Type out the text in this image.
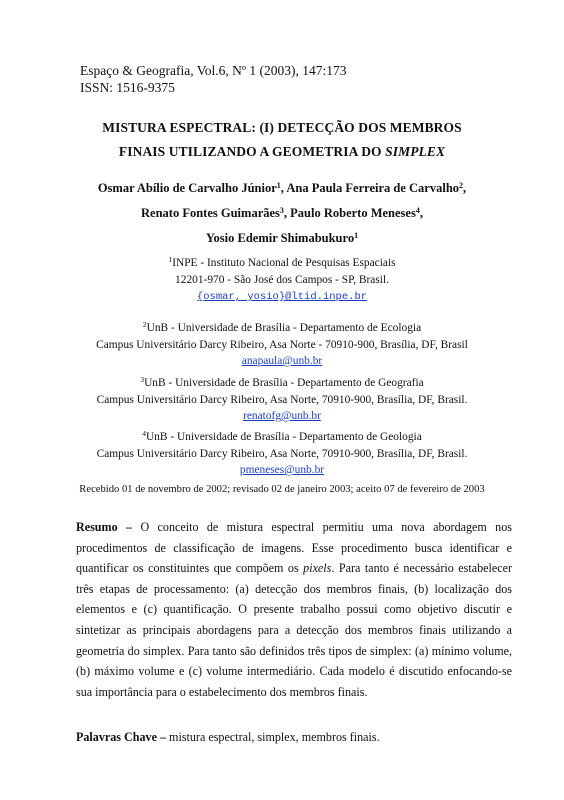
Espaço & Geografia, Vol.6, Nº 1 (2003), 147:173
ISSN: 1516-9375
MISTURA ESPECTRAL: (I) DETECÇÃO DOS MEMBROS
FINAIS UTILIZANDO A GEOMETRIA DO SIMPLEX
Osmar Abílio de Carvalho Júnior$^1$, Ana Paula Ferreira de Carvalho$^2$,
Renato Fontes Guimarães$^3$, Paulo Roberto Meneses$^4$,
Yosio Edemir Shimabukuro$^1$
$^1$INPE - Instituto Nacional de Pesquisas Espaciais
12201-970 - São José dos Campos - SP, Brasil.
{osmar, yosio}@ltid.inpe.br
$^2$UnB - Universidade de Brasília - Departamento de Ecologia
Campus Universitário Darcy Ribeiro, Asa Norte - 70910-900, Brasília, DF, Brasil
anapaula@unb.br
$^3$UnB - Universidade de Brasília - Departamento de Geografia
Campus Universitário Darcy Ribeiro, Asa Norte, 70910-900, Brasília, DF, Brasil.
renatofg@unb.br
$^4$UnB - Universidade de Brasília - Departamento de Geologia
Campus Universitário Darcy Ribeiro, Asa Norte, 70910-900, Brasília, DF, Brasil.
pmeneses@unb.br
Recebido 01 de novembro de 2002; revisado 02 de janeiro 2003; aceito 07 de fevereiro de 2003
Resumo – O conceito de mistura espectral permitiu uma nova abordagem nos procedimentos de classificação de imagens. Esse procedimento busca identificar e quantificar os constituintes que compõem os pixels. Para tanto é necessário estabelecer três etapas de processamento: (a) detecção dos membros finais, (b) localização dos elementos e (c) quantificação. O presente trabalho possui como objetivo discutir e sintetizar as principais abordagens para a detecção dos membros finais utilizando a geometria do simplex. Para tanto são definidos três tipos de simplex: (a) mínimo volume, (b) máximo volume e (c) volume intermediário. Cada modelo é discutido enfocando-se sua importância para o estabelecimento dos membros finais.
Palavras Chave – mistura espectral, simplex, membros finais.
